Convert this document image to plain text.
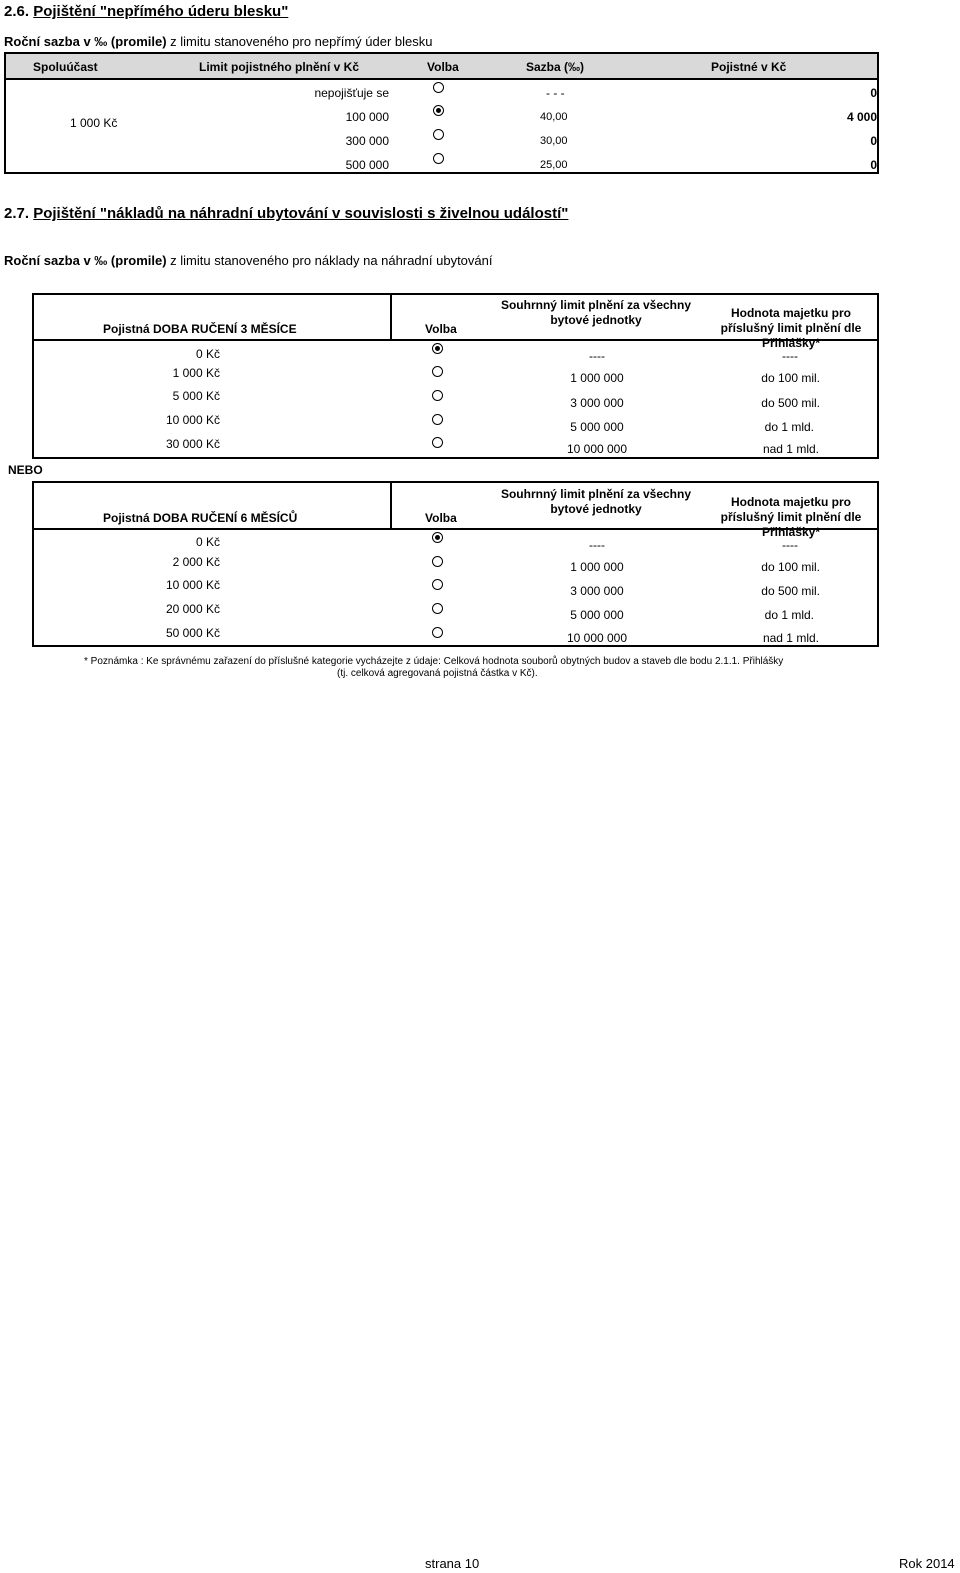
2.6. Pojištění "nepřímého úderu blesku"
Roční sazba v ‰ (promile) z limitu stanoveného pro nepřímý úder blesku
Spoluúčast	Limit pojistného plnění v Kč	Volba	Sazba (‰)	Pojistné v Kč
1 000 Kč
nepojišťuje se	- - -	0
100 000	40,00	4 000
300 000	30,00	0
500 000	25,00	0
2.7. Pojištění "nákladů na náhradní ubytování v souvislosti s živelnou událostí"
Roční sazba v ‰ (promile) z limitu stanoveného pro náklady na náhradní ubytování
Pojistná DOBA RUČENÍ 3 MĚSÍCE	Volba
Souhrnný limit plnění za všechny bytové jednotky	Hodnota majetku pro příslušný limit plnění dle Přihlášky*
0 Kč	----	----
1 000 Kč	1 000 000	do 100 mil.
5 000 Kč	3 000 000	do 500 mil.
10 000 Kč	5 000 000	do 1 mld.
30 000 Kč	10 000 000	nad 1 mld.
NEBO
Pojistná DOBA RUČENÍ 6 MĚSÍCŮ	Volba
Souhrnný limit plnění za všechny bytové jednotky	Hodnota majetku pro příslušný limit plnění dle Přihlášky*
0 Kč	----	----
2 000 Kč	1 000 000	do 100 mil.
10 000 Kč	3 000 000	do 500 mil.
20 000 Kč	5 000 000	do 1 mld.
50 000 Kč	10 000 000	nad 1 mld.
* Poznámka : Ke správnému zařazení do příslušné kategorie vycházejte z údaje: Celková hodnota souborů obytných budov a staveb dle bodu 2.1.1. Přihlášky
(tj. celková agregovaná pojistná částka v Kč).
strana 10	Rok 2014
